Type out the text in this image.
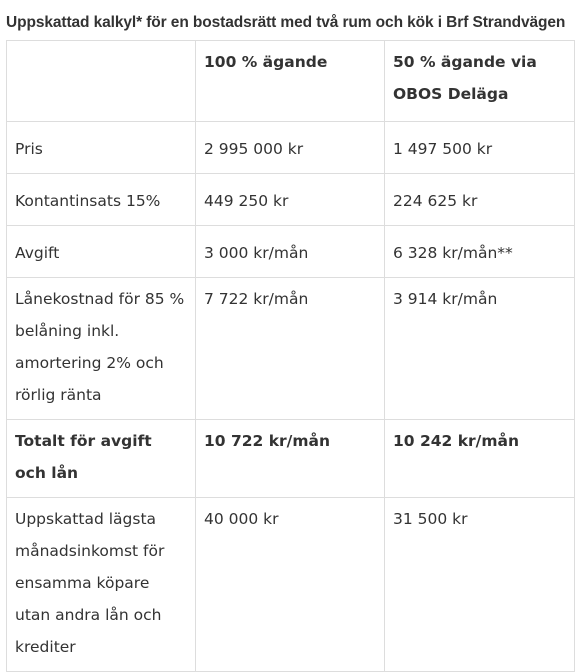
Uppskattad kalkyl* för en bostadsrätt med två rum och kök i Brf Strandvägen
	100 % ägande	50 % ägande via OBOS Deläga
Pris	2 995 000 kr	1 497 500 kr
Kontantinsats 15%	449 250 kr	224 625 kr
Avgift	3 000 kr/mån	6 328 kr/mån**
Lånekostnad för 85 % belåning inkl. amortering 2% och rörlig ränta	7 722 kr/mån	3 914 kr/mån
Totalt för avgift och lån	10 722 kr/mån	10 242 kr/mån
Uppskattad lägsta månadsinkomst för ensamma köpare utan andra lån och krediter	40 000 kr	31 500 kr
